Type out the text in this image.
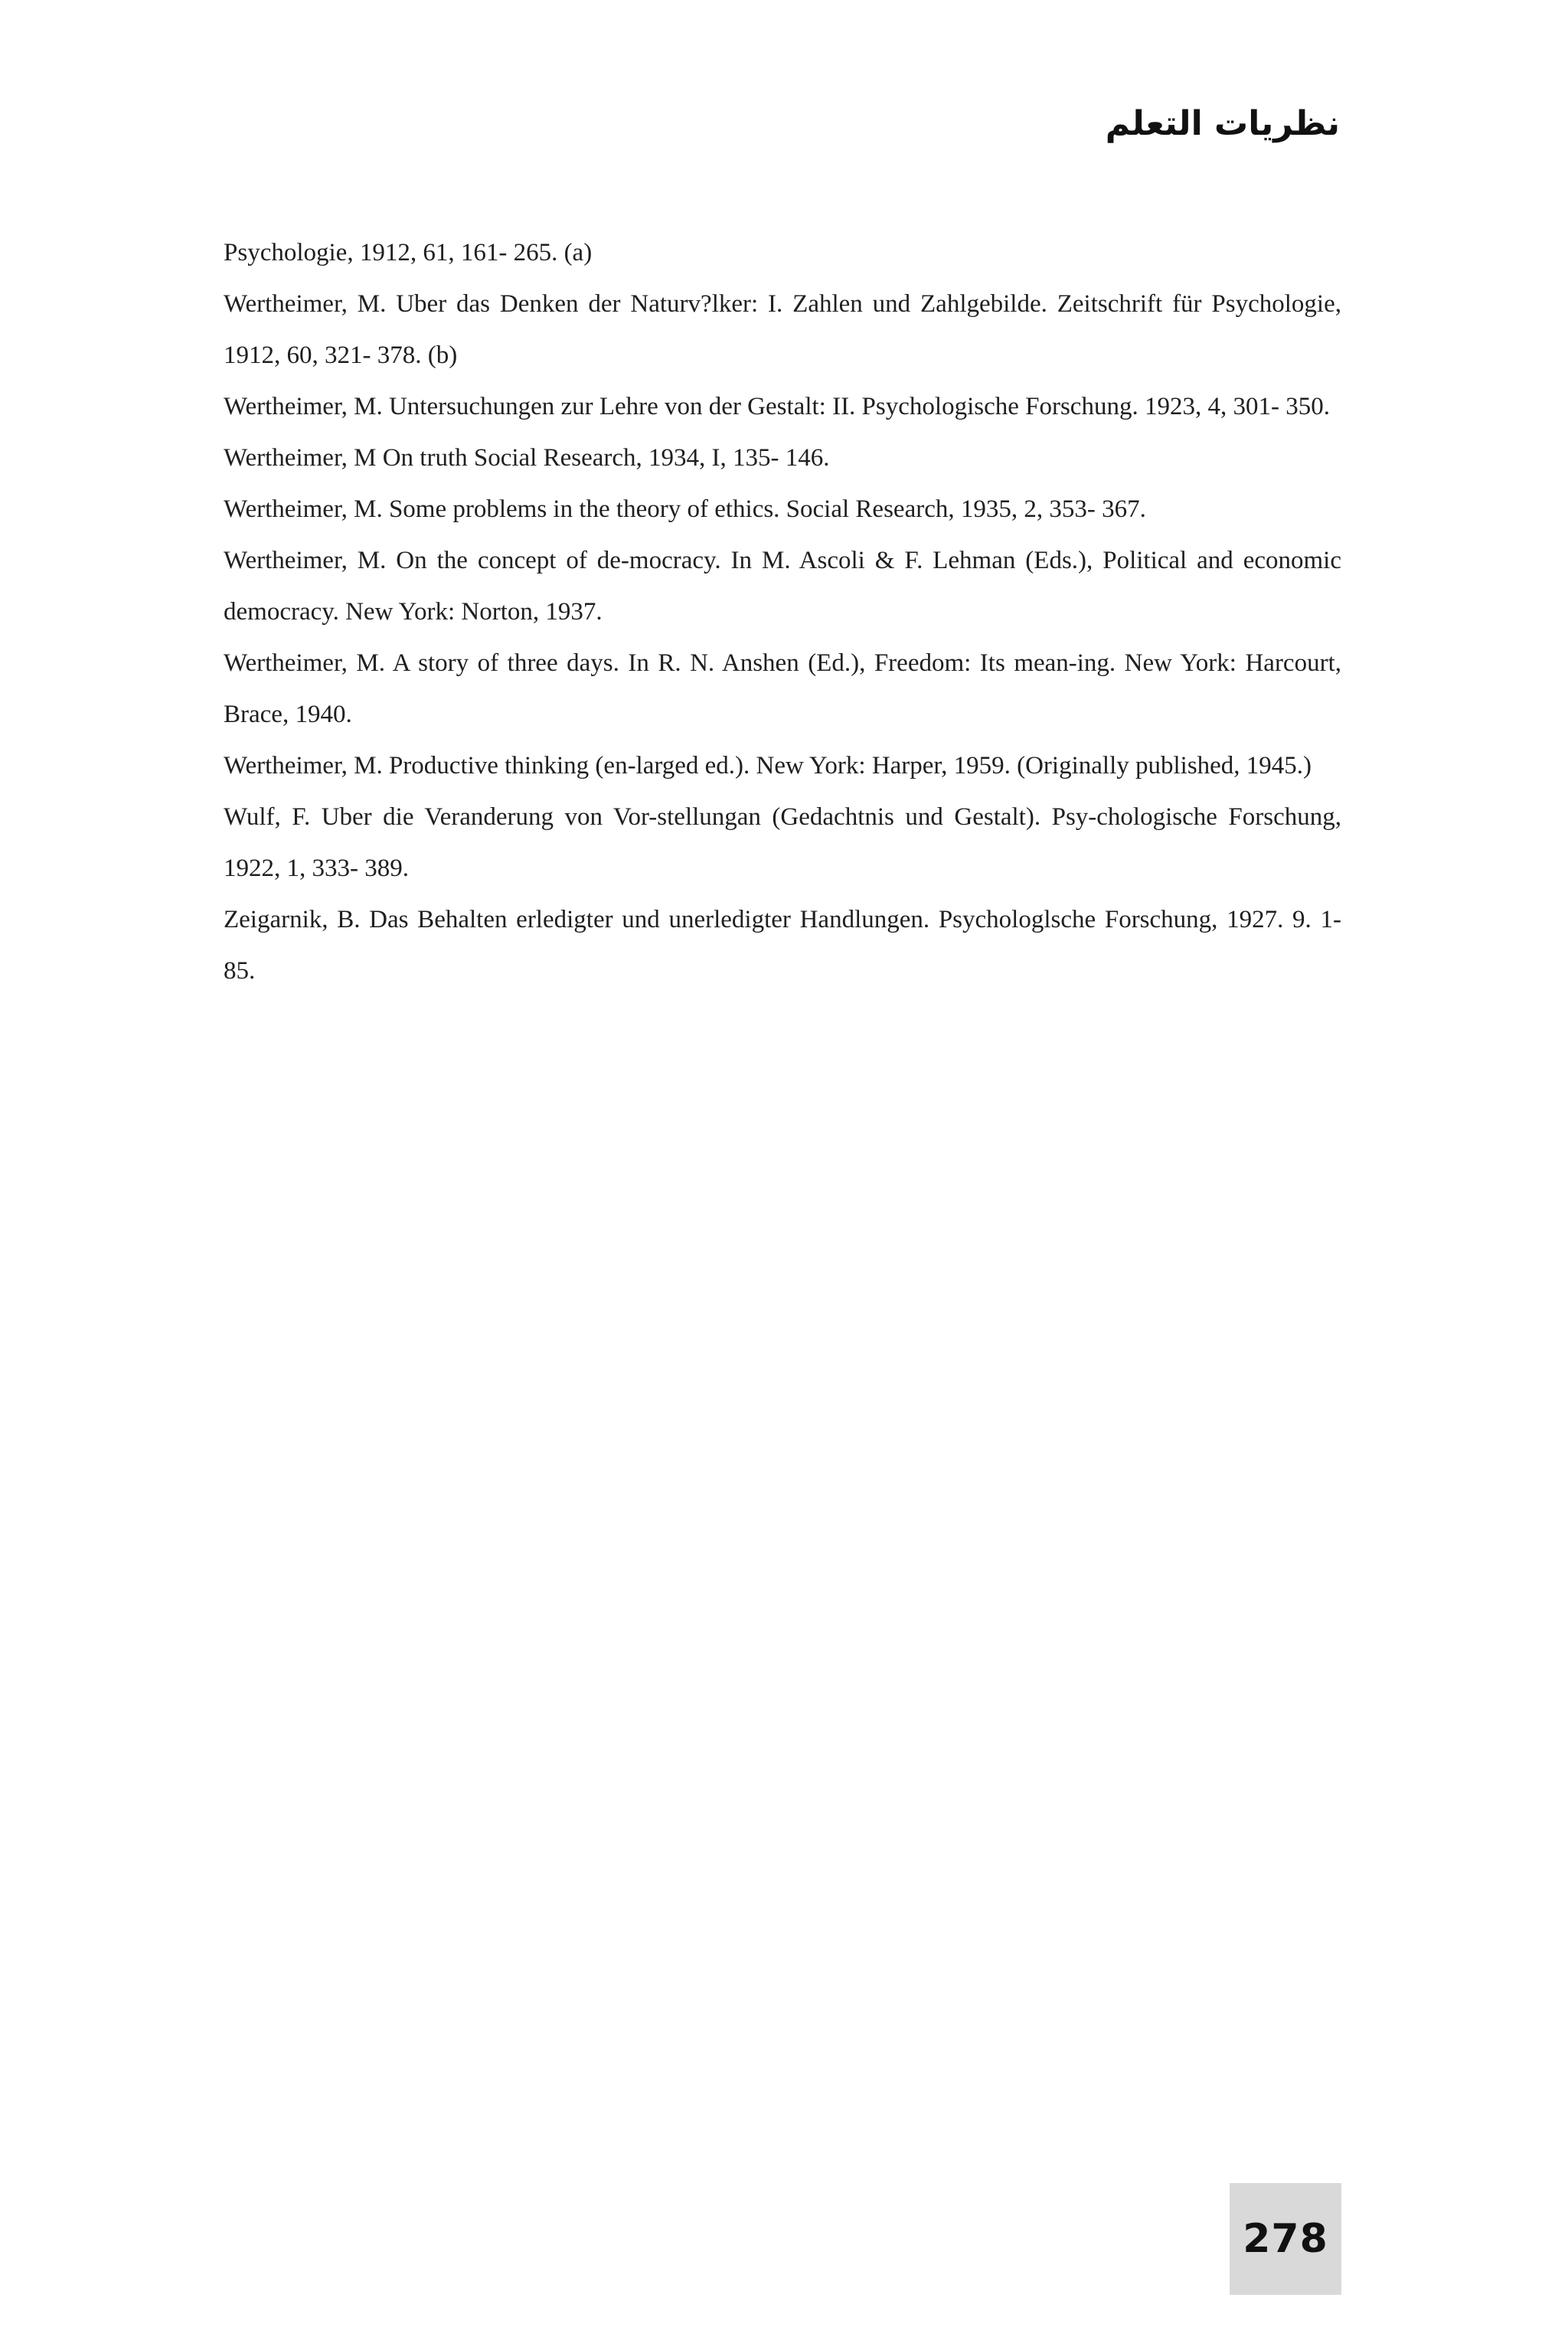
نظريات التعلم
Psychologie, 1912, 61, 161- 265. (a)
Wertheimer, M. Uber das Denken der Naturv?lker: I. Zahlen und Zahlgebilde. Zeitschrift für Psychologie, 1912, 60, 321- 378. (b)
Wertheimer, M. Untersuchungen zur Lehre von der Gestalt: II. Psychologische Forschung. 1923, 4, 301- 350.
Wertheimer, M On truth Social Research, 1934, I, 135- 146.
Wertheimer, M. Some problems in the theory of ethics. Social Research, 1935, 2, 353- 367.
Wertheimer, M. On the concept of de-mocracy. In M. Ascoli & F. Lehman (Eds.), Political and economic democracy. New York: Norton, 1937.
Wertheimer, M. A story of three days. In R. N. Anshen (Ed.), Freedom: Its mean-ing. New York: Harcourt, Brace, 1940.
Wertheimer, M. Productive thinking (en-larged ed.). New York: Harper, 1959. (Originally published, 1945.)
Wulf, F. Uber die Veranderung von Vor-stellungan (Gedachtnis und Gestalt). Psy-chologische Forschung, 1922, 1, 333- 389.
Zeigarnik, B. Das Behalten erledigter und unerledigter Handlungen. Psychologlsche Forschung, 1927. 9. 1- 85.
278
